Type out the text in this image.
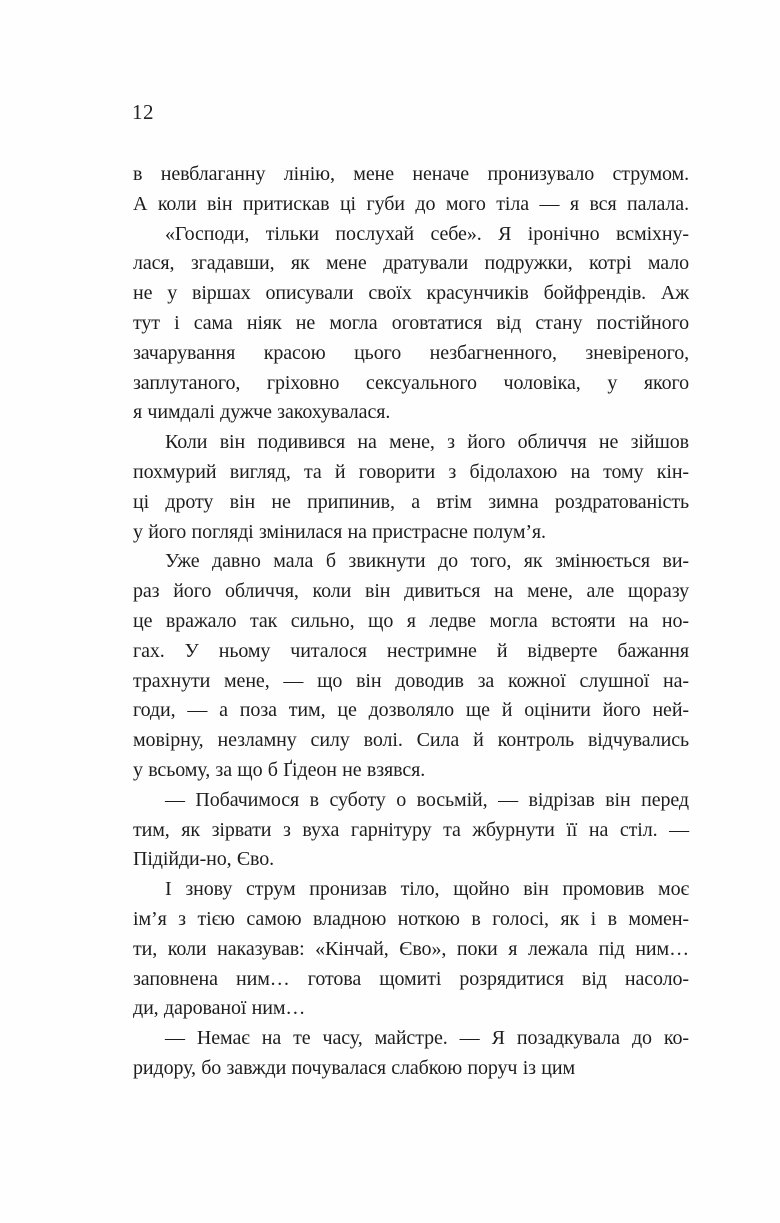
12
в невблаганну лінію, мене неначе пронизувало струмом.
А коли він притискав ці губи до мого тіла — я вся палала.
«Господи, тільки послухай себе». Я іронічно всміхну-
лася, згадавши, як мене дратували подружки, котрі мало
не у віршах описували своїх красунчиків бойфрендів. Аж
тут і сама ніяк не могла оговтатися від стану постійного
зачарування красою цього незбагненного, зневіреного,
заплутаного, гріховно сексуального чоловіка, у якого
я чимдалі дужче закохувалася.
Коли він подивився на мене, з його обличчя не зійшов
похмурий вигляд, та й говорити з бідолахою на тому кін-
ці дроту він не припинив, а втім зимна роздратованість
у його погляді змінилася на пристрасне полум’я.
Уже давно мала б звикнути до того, як змінюється ви-
раз його обличчя, коли він дивиться на мене, але щоразу
це вражало так сильно, що я ледве могла встояти на но-
гах. У ньому читалося нестримне й відверте бажання
трахнути мене, — що він доводив за кожної слушної на-
годи, — а поза тим, це дозволяло ще й оцінити його ней-
мовірну, незламну силу волі. Сила й контроль відчувались
у всьому, за що б Ґідеон не взявся.
— Побачимося в суботу о восьмій, — відрізав він перед
тим, як зірвати з вуха гарнітуру та жбурнути її на стіл. —
Підійди-но, Єво.
І знову струм пронизав тіло, щойно він промовив моє
ім’я з тією самою владною ноткою в голосі, як і в момен-
ти, коли наказував: «Кінчай, Єво», поки я лежала під ним…
заповнена ним… готова щомиті розрядитися від насоло-
ди, дарованої ним…
— Немає на те часу, майстре. — Я позадкувала до ко-
ридору, бо завжди почувалася слабкою поруч із цим
